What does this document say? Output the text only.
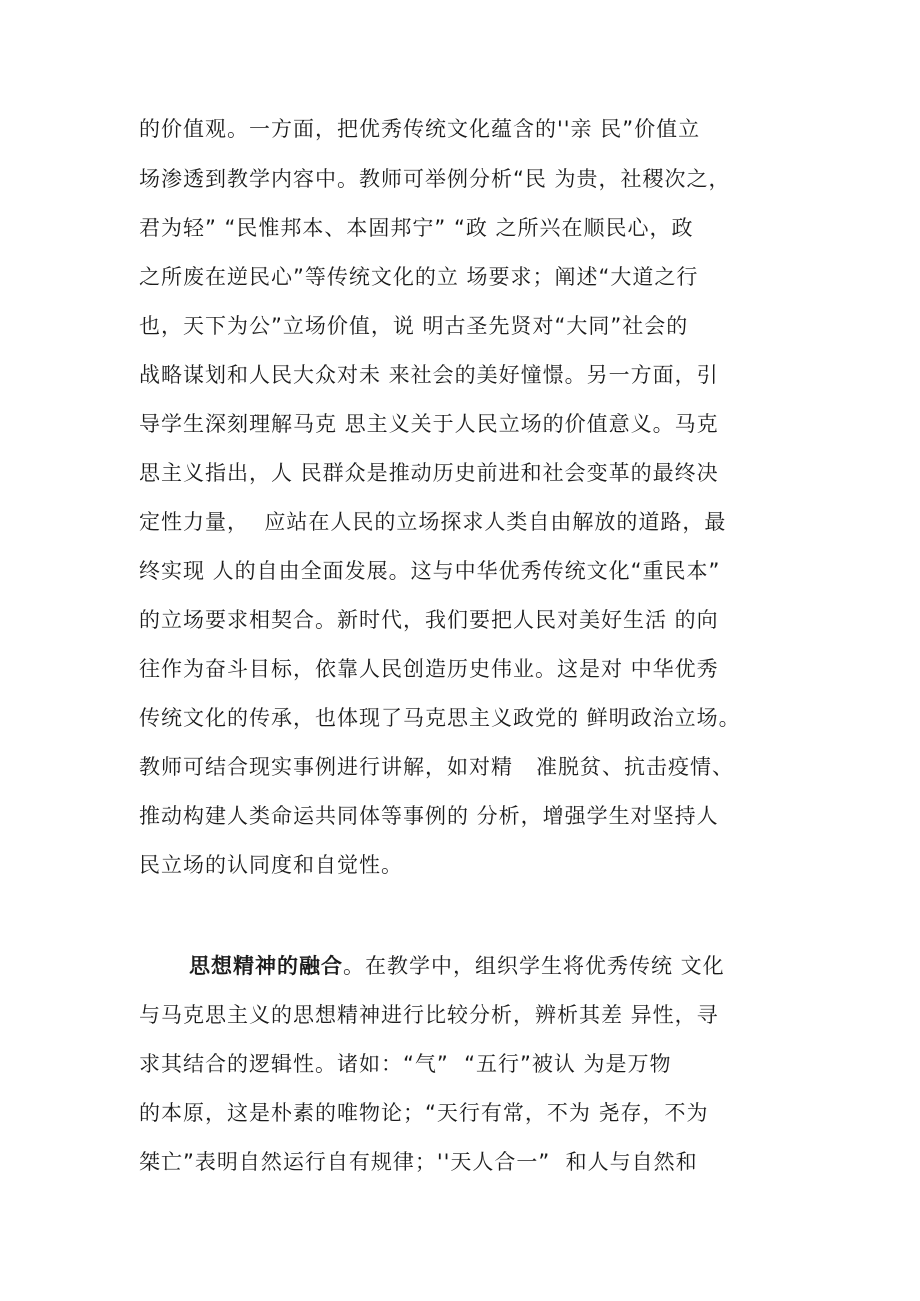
的价值观。一方面，把优秀传统文化蕴含的''亲 民”价值立
场渗透到教学内容中。教师可举例分析“民 为贵，社稷次之，
君为轻” “民惟邦本、本固邦宁” “政 之所兴在顺民心，政
之所废在逆民心”等传统文化的立 场要求；阐述“大道之行
也，天下为公”立场价值，说 明古圣先贤对“大同”社会的
战略谋划和人民大众对未 来社会的美好憧憬。另一方面，引
导学生深刻理解马克 思主义关于人民立场的价值意义。马克
思主义指出，人 民群众是推动历史前进和社会变革的最终决
定性力量，  应站在人民的立场探求人类自由解放的道路，最
终实现 人的自由全面发展。这与中华优秀传统文化“重民本”
的立场要求相契合。新时代，我们要把人民对美好生活 的向
往作为奋斗目标，依靠人民创造历史伟业。这是对 中华优秀
传统文化的传承，也体现了马克思主义政党的 鲜明政治立场。
教师可结合现实事例进行讲解，如对精   准脱贫、抗击疫情、
推动构建人类命运共同体等事例的 分析，增强学生对坚持人
民立场的认同度和自觉性。
思想精神的融合。在教学中，组织学生将优秀传统 文化
与马克思主义的思想精神进行比较分析，辨析其差 异性，寻
求其结合的逻辑性。诸如：“气”  “五行”被认 为是万物
的本原，这是朴素的唯物论；“天行有常，不为 尧存，不为
桀亡”表明自然运行自有规律；''天人合一”  和人与自然和
